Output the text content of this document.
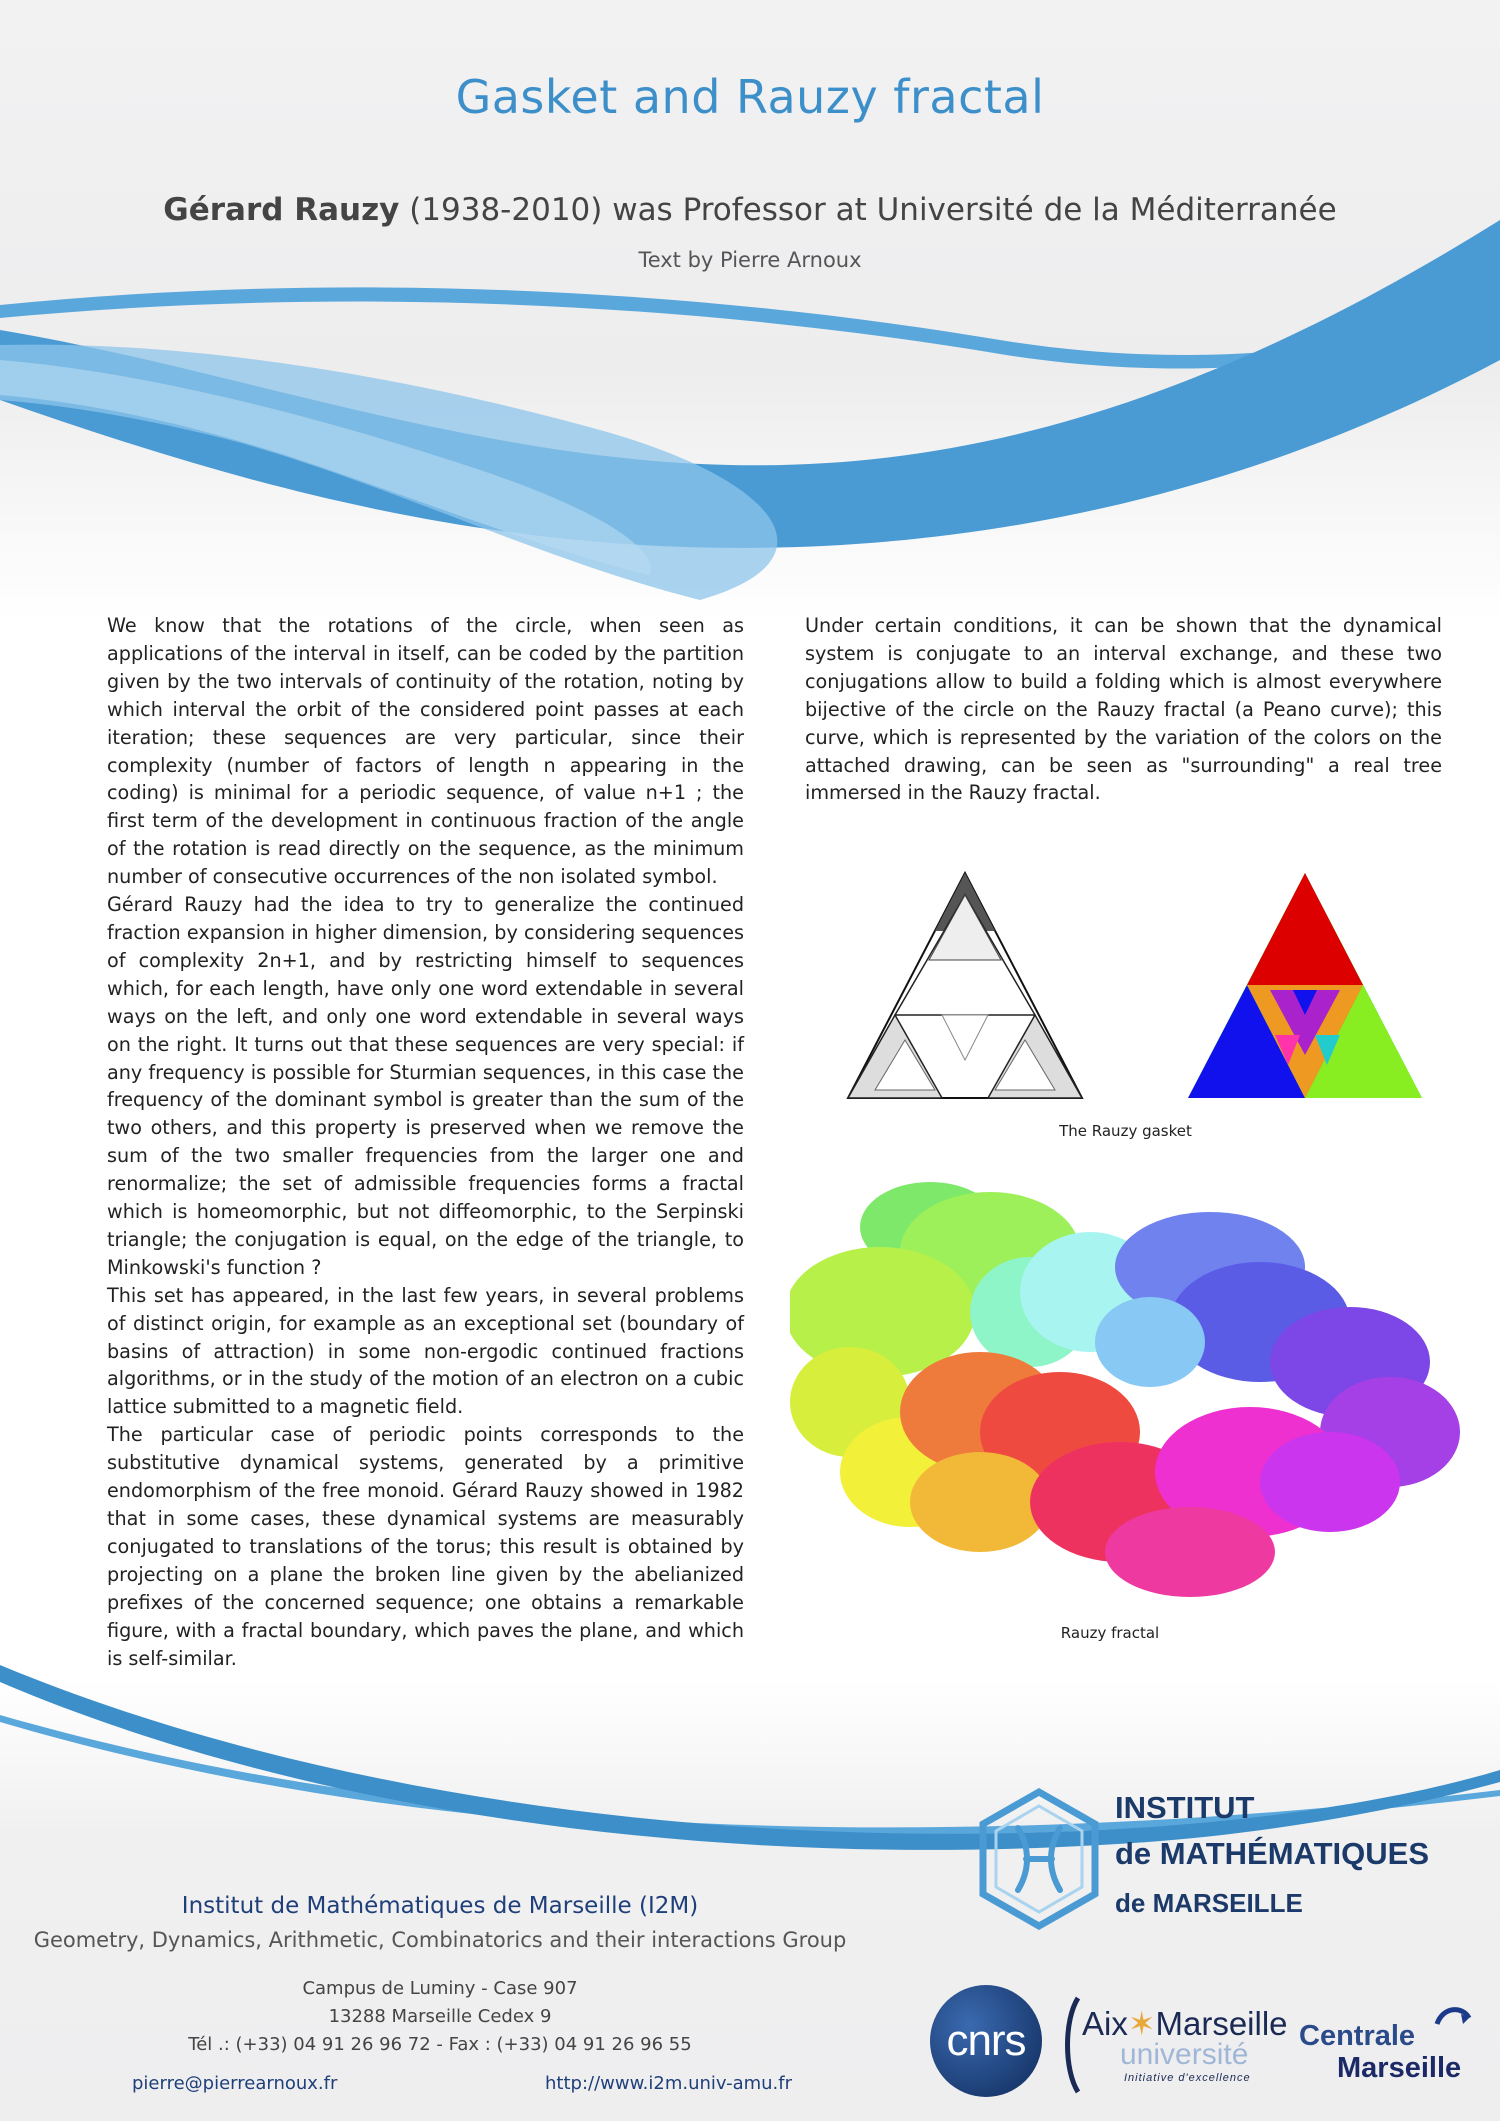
Gasket and Rauzy fractal
Gérard Rauzy (1938-2010) was Professor at Université de la Méditerranée
Text by Pierre Arnoux

We know that the rotations of the circle, when seen as applications of the interval in itself, can be coded by the partition given by the two intervals of continuity of the rotation, noting by which interval the orbit of the considered point passes at each iteration; these sequences are very particular, since their complexity (number of factors of length n appearing in the coding) is minimal for a periodic sequence, of value n+1 ; the first term of the development in continuous fraction of the angle of the rotation is read directly on the sequence, as the minimum number of consecutive occurrences of the non isolated symbol.

Gérard Rauzy had the idea to try to generalize the continued fraction expansion in higher dimension, by considering sequences of complexity 2n+1, and by restricting himself to sequences which, for each length, have only one word extendable in several ways on the left, and only one word extendable in several ways on the right. It turns out that these sequences are very special: if any frequency is possible for Sturmian sequences, in this case the frequency of the dominant symbol is greater than the sum of the two others, and this property is preserved when we remove the sum of the two smaller frequencies from the larger one and renormalize; the set of admissible frequencies forms a fractal which is homeomorphic, but not diffeomorphic, to the Serpinski triangle; the conjugation is equal, on the edge of the triangle, to Minkowski's function ?

This set has appeared, in the last few years, in several problems of distinct origin, for example as an exceptional set (boundary of basins of attraction) in some non-ergodic continued fractions algorithms, or in the study of the motion of an electron on a cubic lattice submitted to a magnetic field.

The particular case of periodic points corresponds to the substitutive dynamical systems, generated by a primitive endomorphism of the free monoid. Gérard Rauzy showed in 1982 that in some cases, these dynamical systems are measurably conjugated to translations of the torus; this result is obtained by projecting on a plane the broken line given by the abelianized prefixes of the concerned sequence; one obtains a remarkable figure, with a fractal boundary, which paves the plane, and which is self-similar.

Under certain conditions, it can be shown that the dynamical system is conjugate to an interval exchange, and these two conjugations allow to build a folding which is almost everywhere bijective of the circle on the Rauzy fractal (a Peano curve); this curve, which is represented by the variation of the colors on the attached drawing, can be seen as "surrounding" a real tree immersed in the Rauzy fractal.

The Rauzy gasket
Rauzy fractal
Institut de Mathématiques de Marseille (I2M)
Geometry, Dynamics, Arithmetic, Combinatorics and their interactions Group
Campus de Luminy - Case 907
13288 Marseille Cedex 9
Tél .: (+33) 04 91 26 96 72 - Fax : (+33) 04 91 26 96 55
pierre@pierrearnoux.fr	http://www.i2m.univ-amu.fr
INSTITUT
de MATHÉMATIQUES
de MARSEILLE
cnrs	Aix✶Marseille
université
Initiative d'excellence
Centrale
Marseille
